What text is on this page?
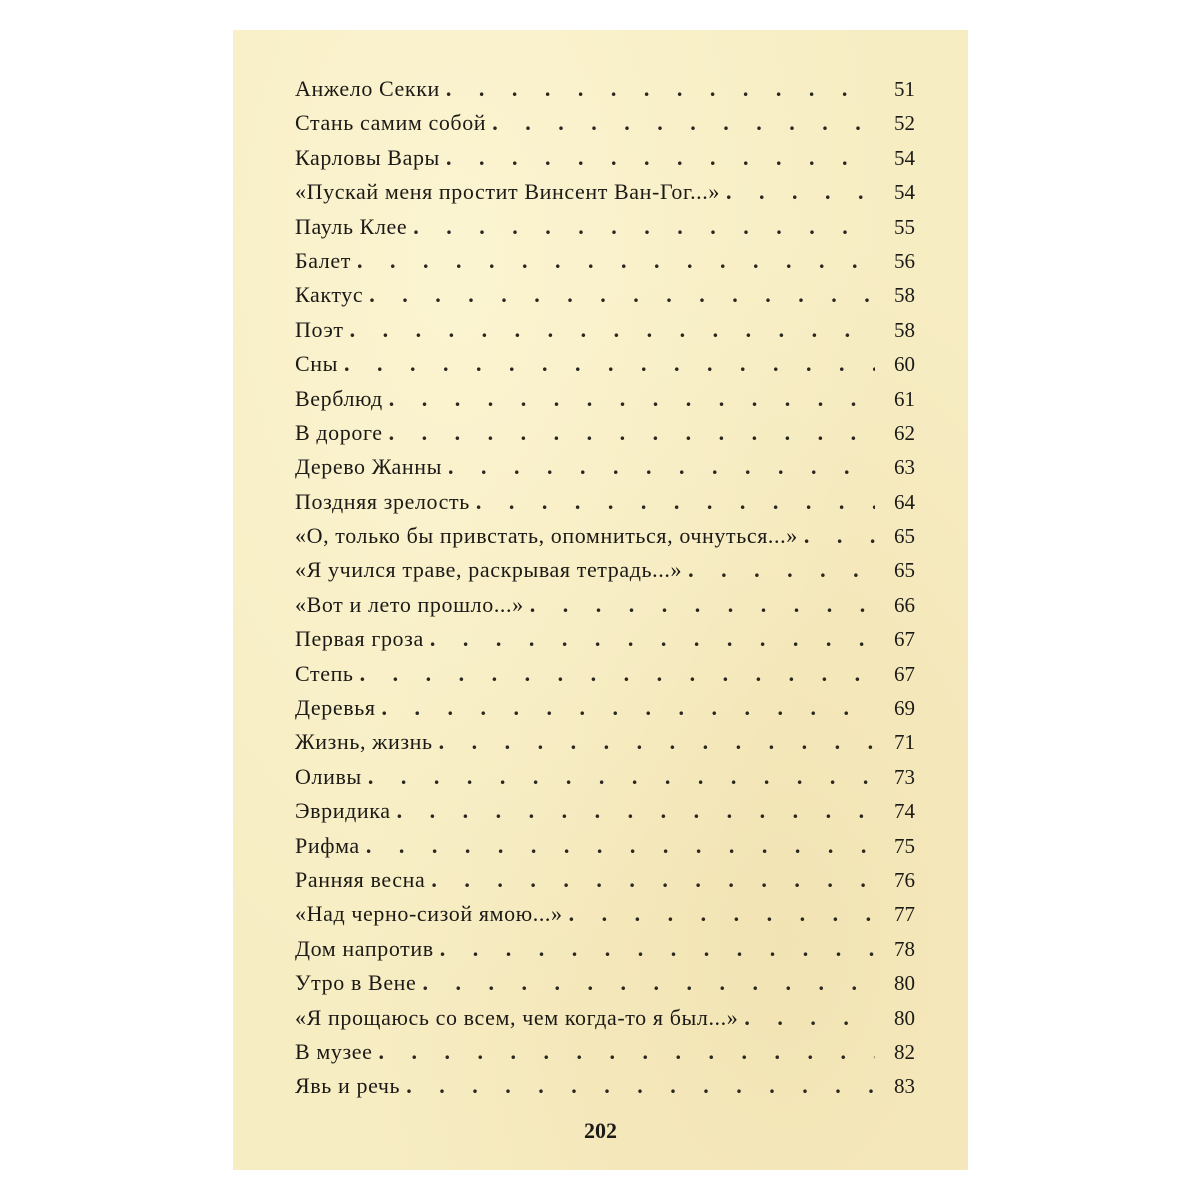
Анжело Секки . . .	51
Стань самим собой . . .	52
Карловы Вары . . .	54
«Пускай меня простит Винсент Ван-Гог...» . . .	54
Пауль Клее . . .	55
Балет . . .	56
Кактус . . .	58
Поэт . . .	58
Сны . . .	60
Верблюд . . .	61
В дороге . . .	62
Дерево Жанны . . .	63
Поздняя зрелость . . .	64
«О, только бы привстать, опомниться, очнуться...» . . .	65
«Я учился траве, раскрывая тетрадь...» . . .	65
«Вот и лето прошло...» . . .	66
Первая гроза . . .	67
Степь . . .	67
Деревья . . .	69
Жизнь, жизнь . . .	71
Оливы . . .	73
Эвридика . . .	74
Рифма . . .	75
Ранняя весна . . .	76
«Над черно-сизой ямою...» . . .	77
Дом напротив . . .	78
Утро в Вене . . .	80
«Я прощаюсь со всем, чем когда-то я был...» . . .	80
В музее . . .	82
Явь и речь . . .	83
202
